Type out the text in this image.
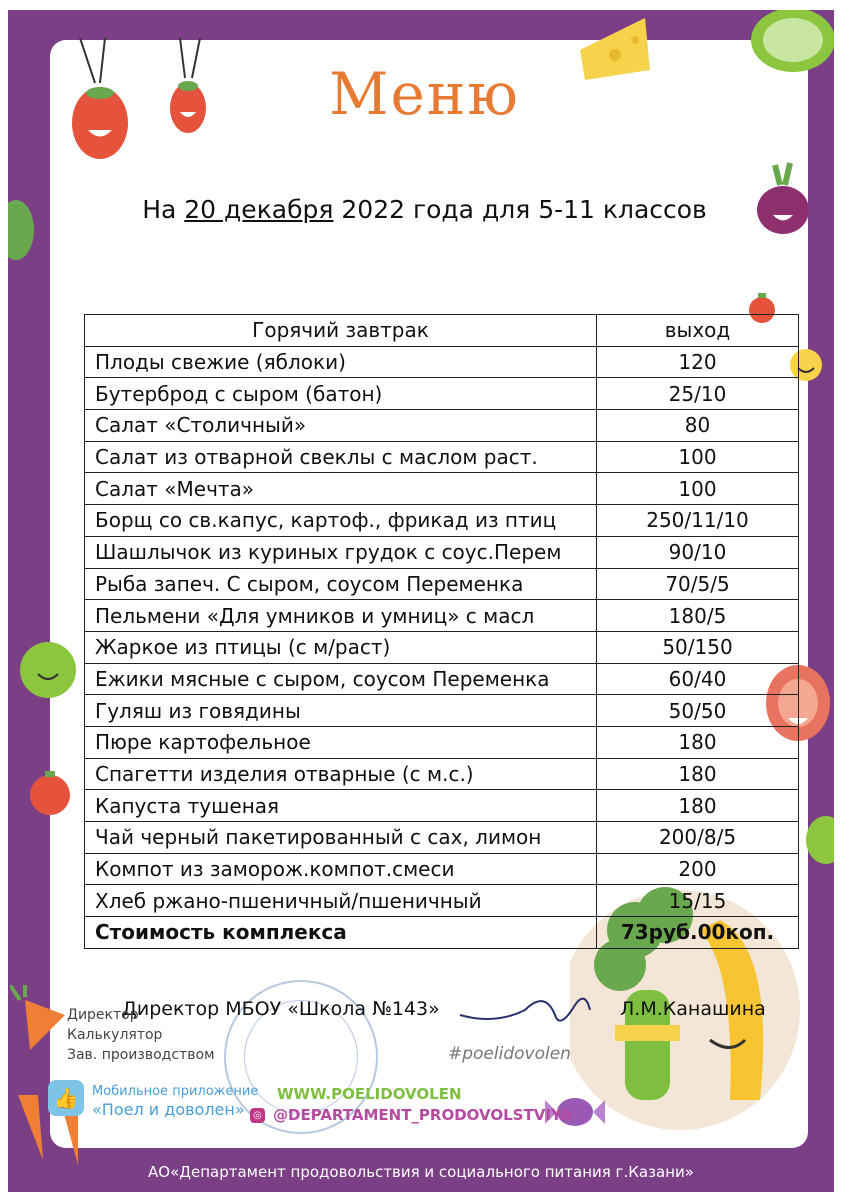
АО«Департамент продовольствия и социального питания г.Казани»
Меню
На 20 декабря 2022 года для 5-11 классов
Горячий завтрак	выход
Плоды свежие (яблоки)	120
Бутерброд с сыром (батон)	25/10
Салат «Столичный»	80
Салат из отварной свеклы с маслом раст.	100
Салат «Мечта»	100
Борщ со св.капус, картоф., фрикад из птиц	250/11/10
Шашлычок из куриных грудок с соус.Перем	90/10
Рыба запеч. С сыром, соусом Переменка	70/5/5
Пельмени «Для умников и умниц» с масл	180/5
Жаркое из птицы (с м/раст)	50/150
Ежики мясные с сыром, соусом Переменка	60/40
Гуляш из говядины	50/50
Пюре картофельное	180
Спагетти изделия отварные (с м.с.)	180
Капуста тушеная	180
Чай черный пакетированный с сах, лимон	200/8/5
Компот из заморож.компот.смеси	200
Хлеб ржано-пшеничный/пшеничный	15/15
Стоимость комплекса	73руб.00коп.
Директор МБОУ «Школа №143»	Л.М.Канашина
Директор
Калькулятор
Зав. производством
👍	Мобильное приложение
«Поел и доволен»
WWW.POELIDOVOLEN
◎ @DEPARTAMENT_PRODOVOLSTVIYA
#poelidovolen
